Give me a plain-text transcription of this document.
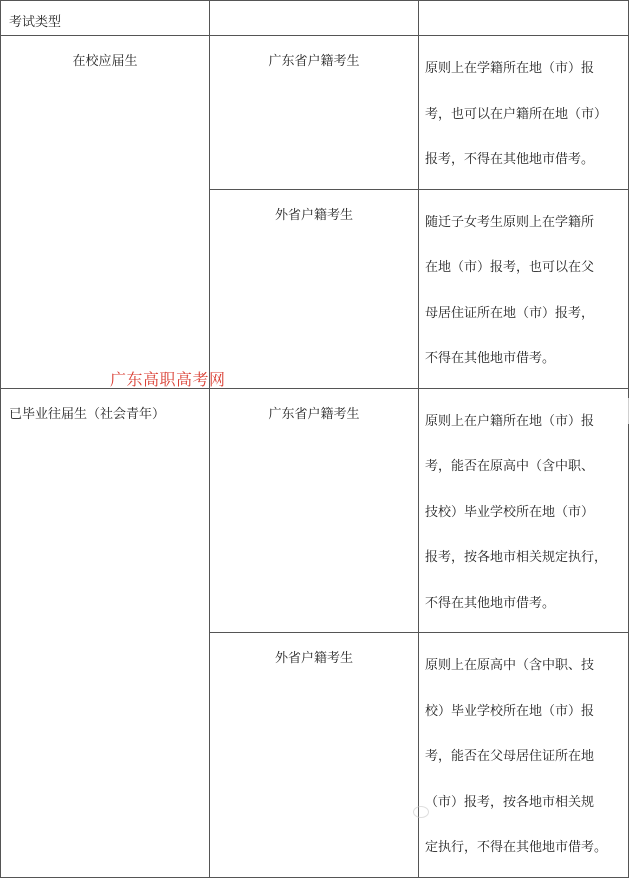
考试类型		
在校应届生	广东省户籍考生	原则上在学籍所在地（市）报
考，也可以在户籍所在地（市）
报考，不得在其他地市借考。

	外省户籍考生	随迁子女考生原则上在学籍所
在地（市）报考，也可以在父
母居住证所在地（市）报考，
不得在其他地市借考。

已毕业往届生（社会青年）	广东省户籍考生	原则上在户籍所在地（市）报
考，能否在原高中（含中职、
技校）毕业学校所在地（市）
报考，按各地市相关规定执行，
不得在其他地市借考。

	外省户籍考生	原则上在原高中（含中职、技
校）毕业学校所在地（市）报
考，能否在父母居住证所在地
（市）报考，按各地市相关规
定执行，不得在其他地市借考。
广东高职高考网
